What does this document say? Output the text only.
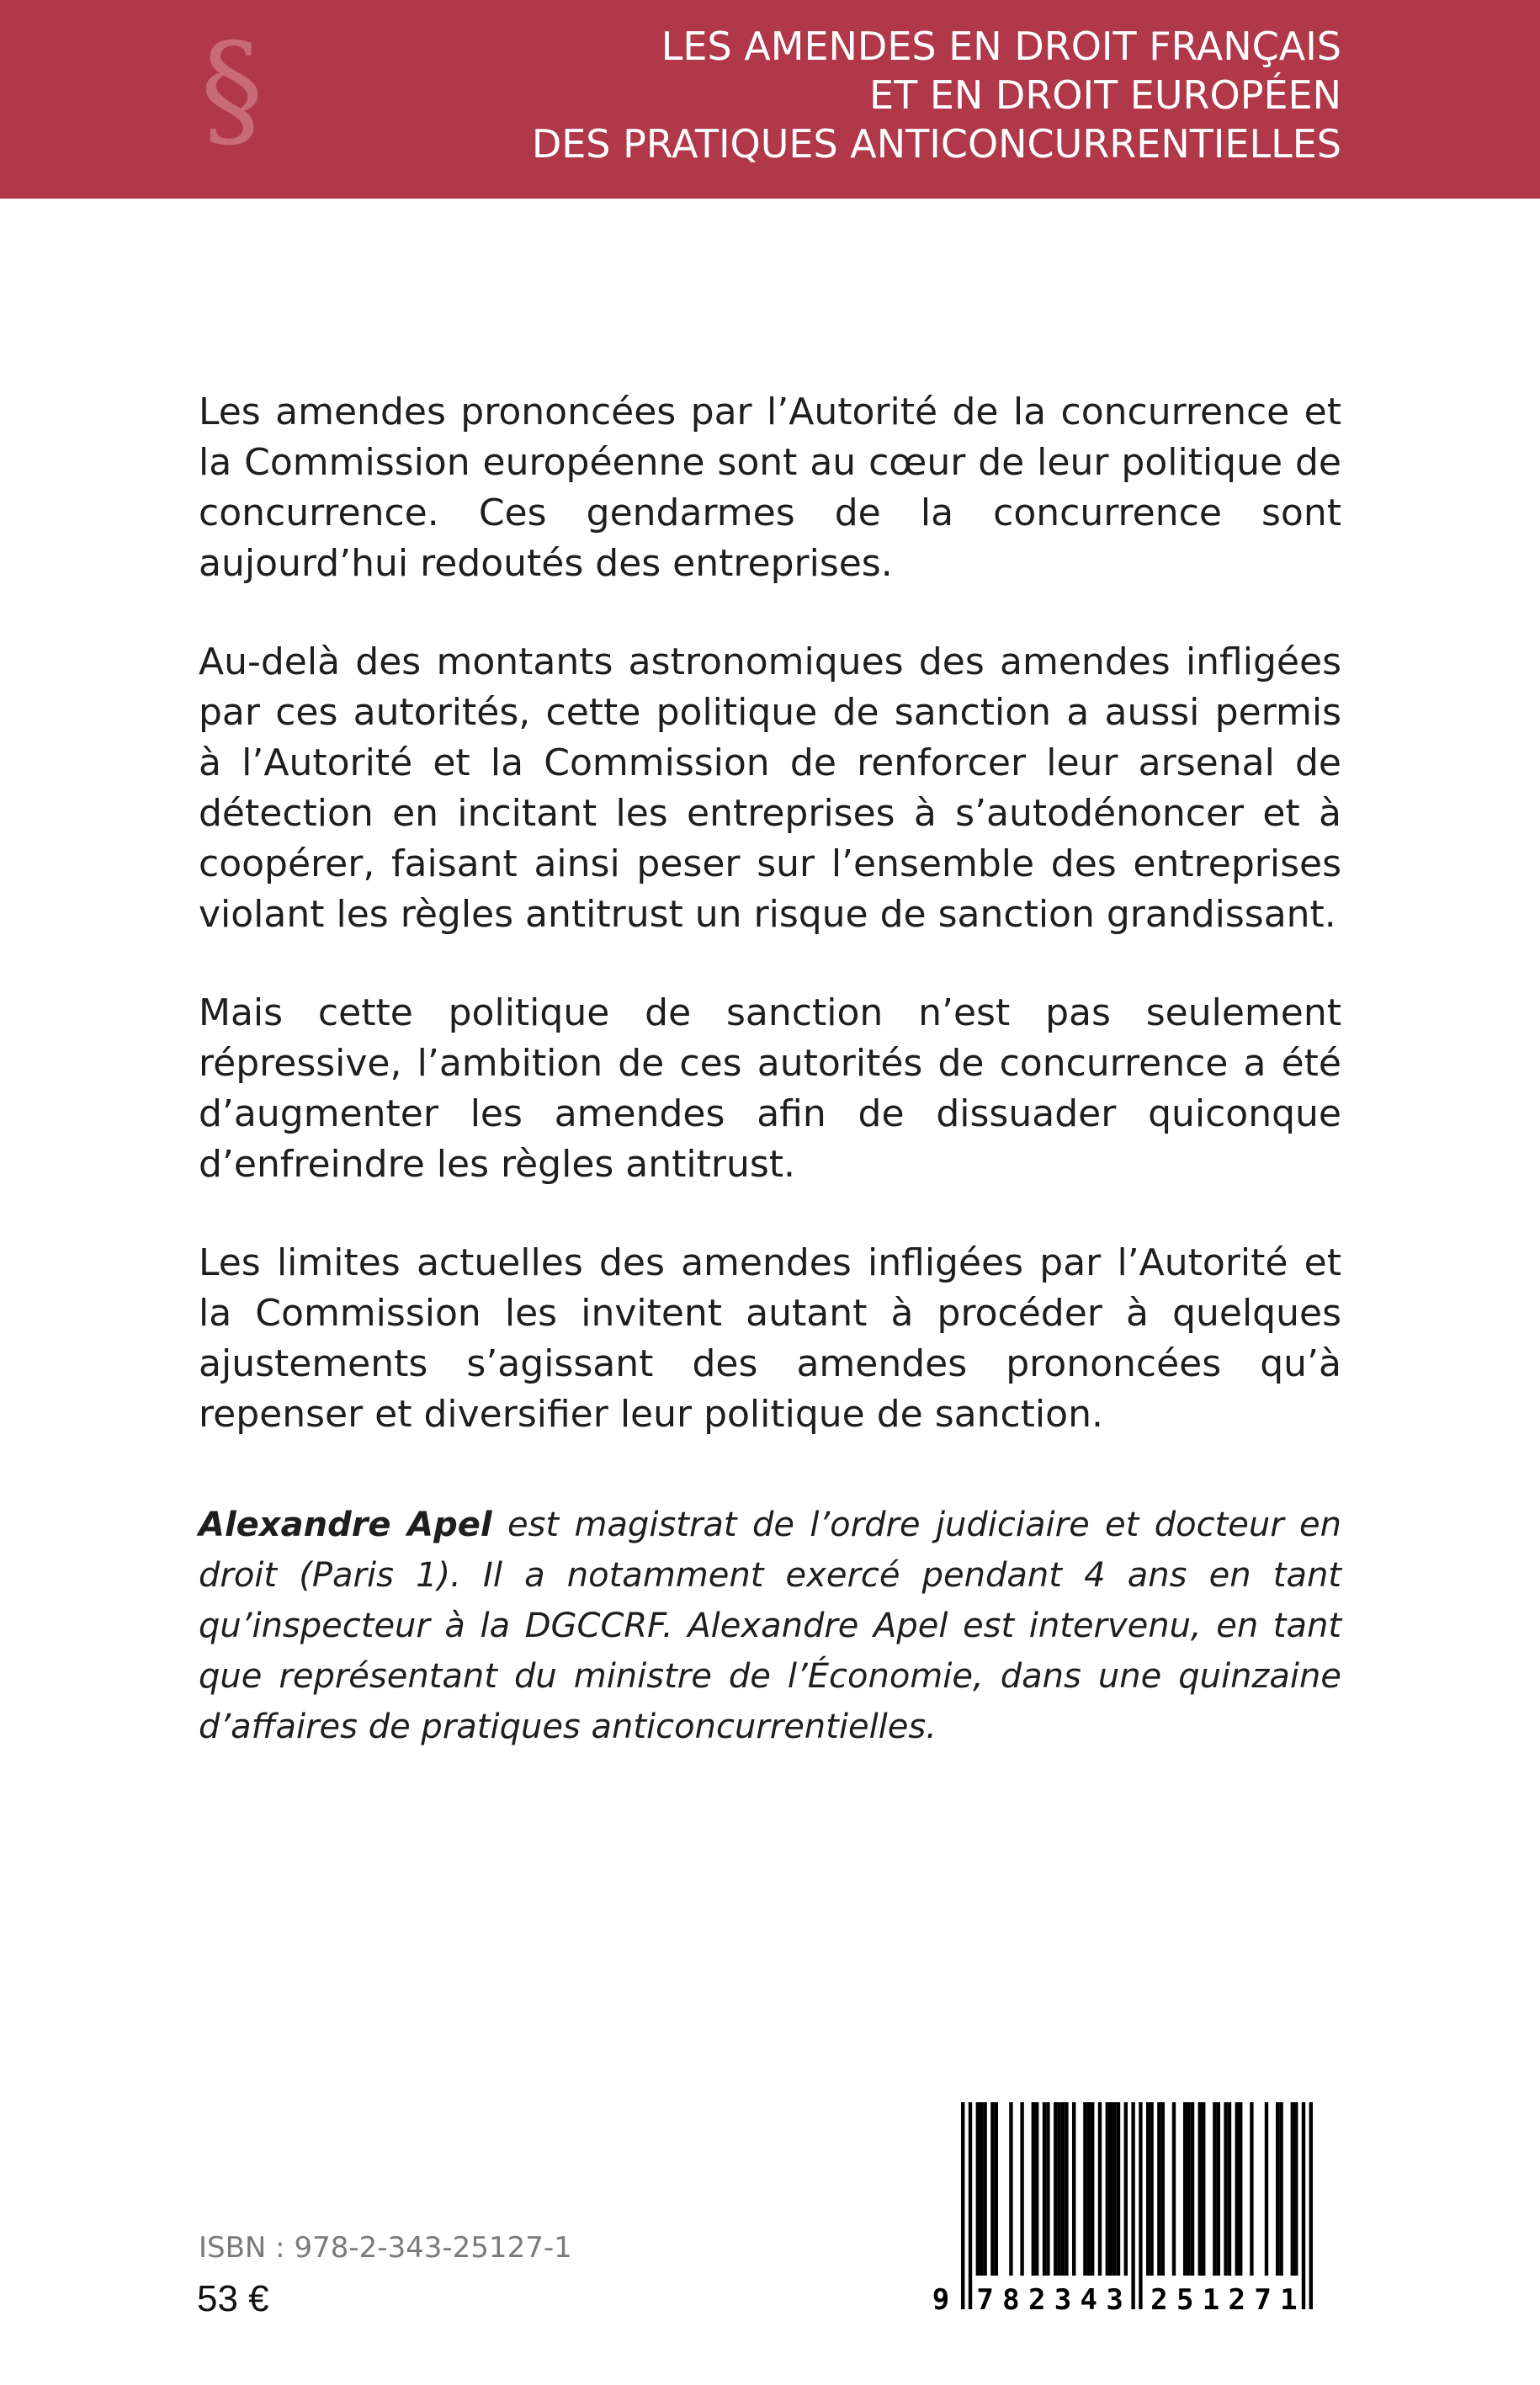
§	LES AMENDES EN DROIT FRANÇAIS
ET EN DROIT EUROPÉEN
DES PRATIQUES ANTICONCURRENTIELLES

Les amendes prononcées par l’Autorité de la concurrence et la Commission européenne sont au cœur de leur politique de concurrence. Ces gendarmes de la concurrence sont aujourd’hui redoutés des entreprises.

Au-delà des montants astronomiques des amendes infligées par ces autorités, cette politique de sanction a aussi permis à l’Autorité et la Commission de renforcer leur arsenal de détection en incitant les entreprises à s’autodénoncer et à coopérer, faisant ainsi peser sur l’ensemble des entreprises violant les règles antitrust un risque de sanction grandissant.

Mais cette politique de sanction n’est pas seulement répressive, l’ambition de ces autorités de concurrence a été d’augmenter les amendes afin de dissuader quiconque d’enfreindre les règles antitrust.

Les limites actuelles des amendes infligées par l’Autorité et la Commission les invitent autant à procéder à quelques ajustements s’agissant des amendes prononcées qu’à repenser et diversifier leur politique de sanction.

Alexandre Apel est magistrat de l’ordre judiciaire et docteur en droit (Paris 1). Il a notamment exercé pendant 4 ans en tant qu’inspecteur à la DGCCRF. Alexandre Apel est intervenu, en tant que représentant du ministre de l’Économie, dans une quinzaine d’affaires de pratiques anticoncurrentielles.
9 7 8 2 3 4 3 2 5 1 2 7 1
ISBN : 978-2-343-25127-1
53 €
